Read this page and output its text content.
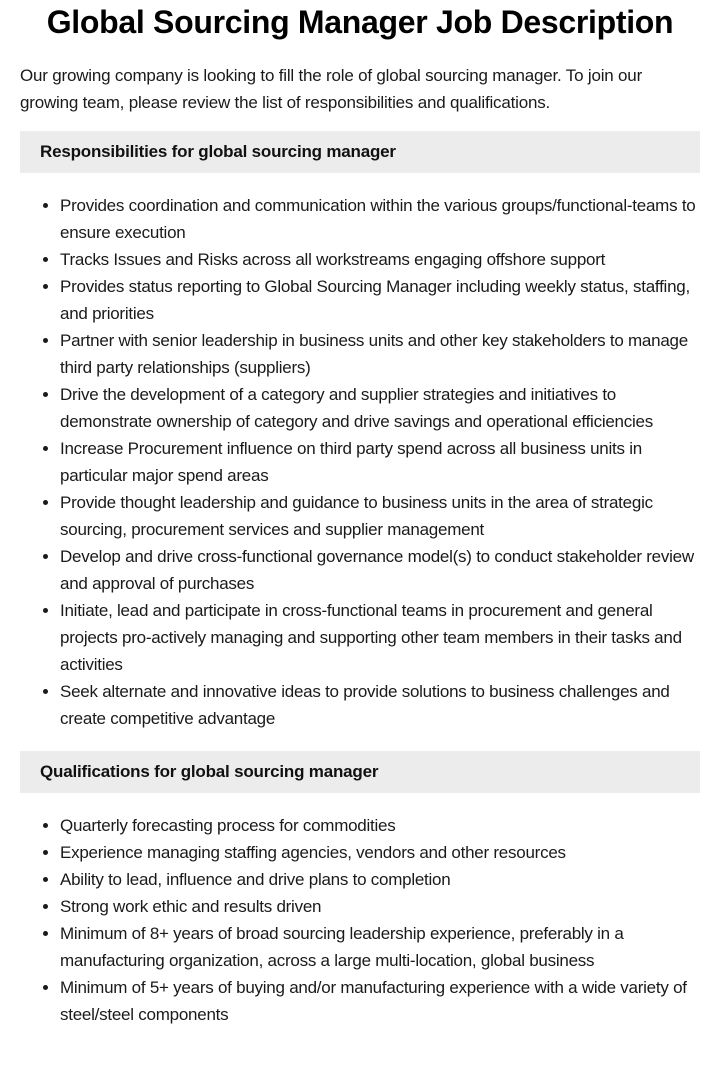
Global Sourcing Manager Job Description

Our growing company is looking to fill the role of global sourcing manager. To join our growing team, please review the list of responsibilities and qualifications.

Responsibilities for global sourcing manager
• Provides coordination and communication within the various groups/functional-teams to ensure execution
• Tracks Issues and Risks across all workstreams engaging offshore support
• Provides status reporting to Global Sourcing Manager including weekly status, staffing, and priorities
• Partner with senior leadership in business units and other key stakeholders to manage third party relationships (suppliers)
• Drive the development of a category and supplier strategies and initiatives to demonstrate ownership of category and drive savings and operational efficiencies
• Increase Procurement influence on third party spend across all business units in particular major spend areas
• Provide thought leadership and guidance to business units in the area of strategic sourcing, procurement services and supplier management
• Develop and drive cross-functional governance model(s) to conduct stakeholder review and approval of purchases
• Initiate, lead and participate in cross-functional teams in procurement and general projects pro-actively managing and supporting other team members in their tasks and activities
• Seek alternate and innovative ideas to provide solutions to business challenges and create competitive advantage
Qualifications for global sourcing manager
• Quarterly forecasting process for commodities
• Experience managing staffing agencies, vendors and other resources
• Ability to lead, influence and drive plans to completion
• Strong work ethic and results driven
• Minimum of 8+ years of broad sourcing leadership experience, preferably in a manufacturing organization, across a large multi-location, global business
• Minimum of 5+ years of buying and/or manufacturing experience with a wide variety of steel/steel components
